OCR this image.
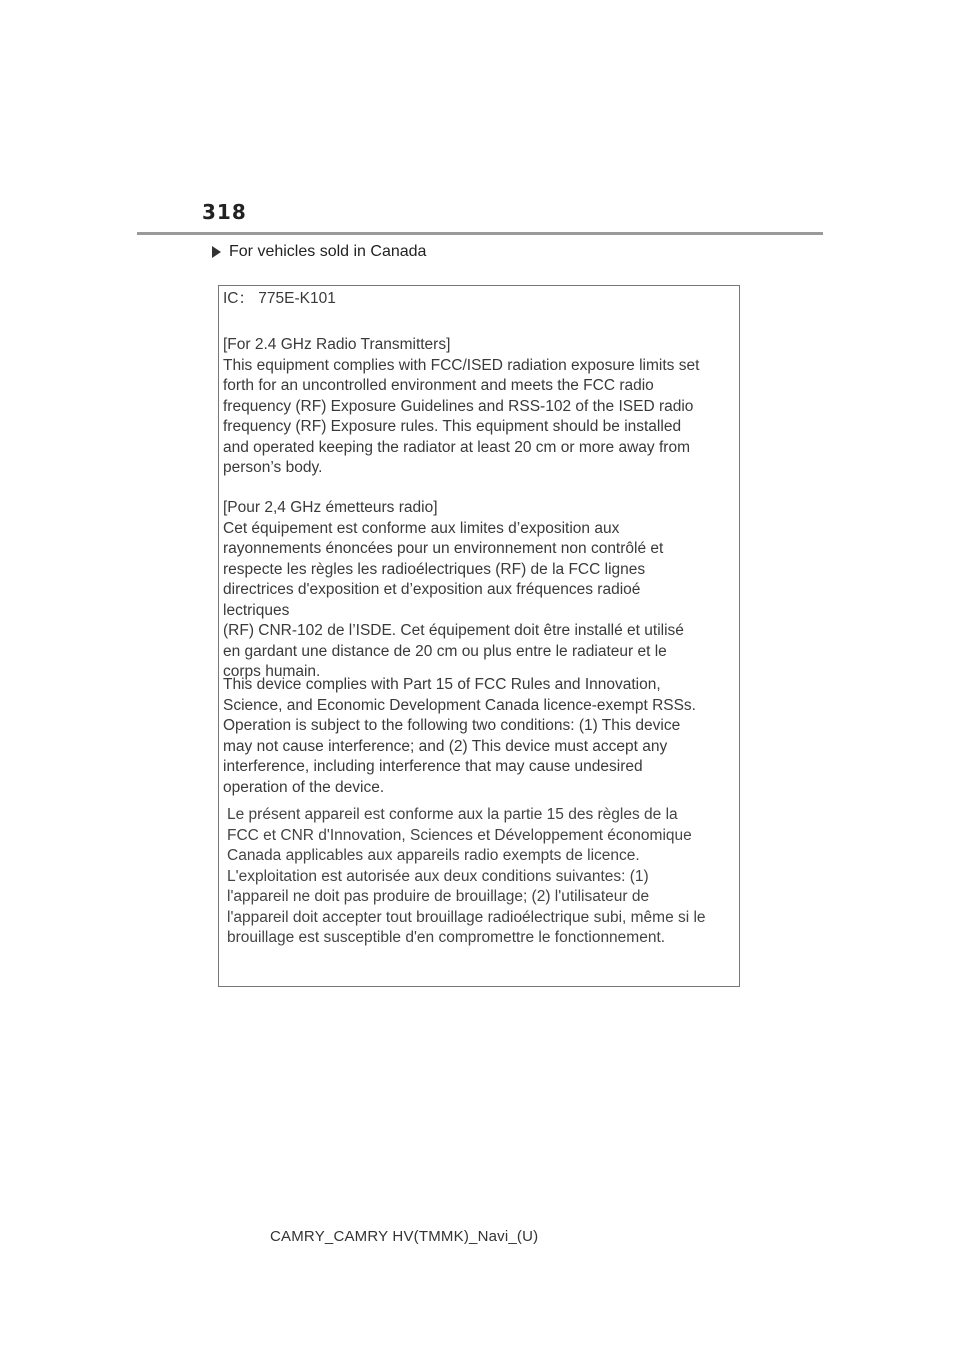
318
For vehicles sold in Canada
IC： 775E-K101
[For 2.4 GHz Radio Transmitters]
This equipment complies with FCC/ISED radiation exposure limits set
forth for an uncontrolled environment and meets the FCC radio
frequency (RF) Exposure Guidelines and RSS-102 of the ISED radio
frequency (RF) Exposure rules. This equipment should be installed
and operated keeping the radiator at least 20 cm or more away from
person’s body.
[Pour 2,4 GHz émetteurs radio]
Cet équipement est conforme aux limites d’exposition aux
rayonnements énoncées pour un environnement non contrôlé et
respecte les règles les radioélectriques (RF) de la FCC lignes
directrices d'exposition et d’exposition aux fréquences radioé
lectriques
(RF) CNR-102 de l’ISDE. Cet équipement doit être installé et utilisé
en gardant une distance de 20 cm ou plus entre le radiateur et le
corps humain.
This device complies with Part 15 of FCC Rules and Innovation,
Science, and Economic Development Canada licence-exempt RSSs.
Operation is subject to the following two conditions: (1) This device
may not cause interference; and (2) This device must accept any
interference, including interference that may cause undesired
operation of the device.
Le présent appareil est conforme aux la partie 15 des règles de la
FCC et CNR d'Innovation, Sciences et Développement économique
Canada applicables aux appareils radio exempts de licence.
L'exploitation est autorisée aux deux conditions suivantes: (1)
l'appareil ne doit pas produire de brouillage; (2) l'utilisateur de
l'appareil doit accepter tout brouillage radioélectrique subi, même si le
brouillage est susceptible d'en compromettre le fonctionnement.
CAMRY_CAMRY HV(TMMK)_Navi_(U)
